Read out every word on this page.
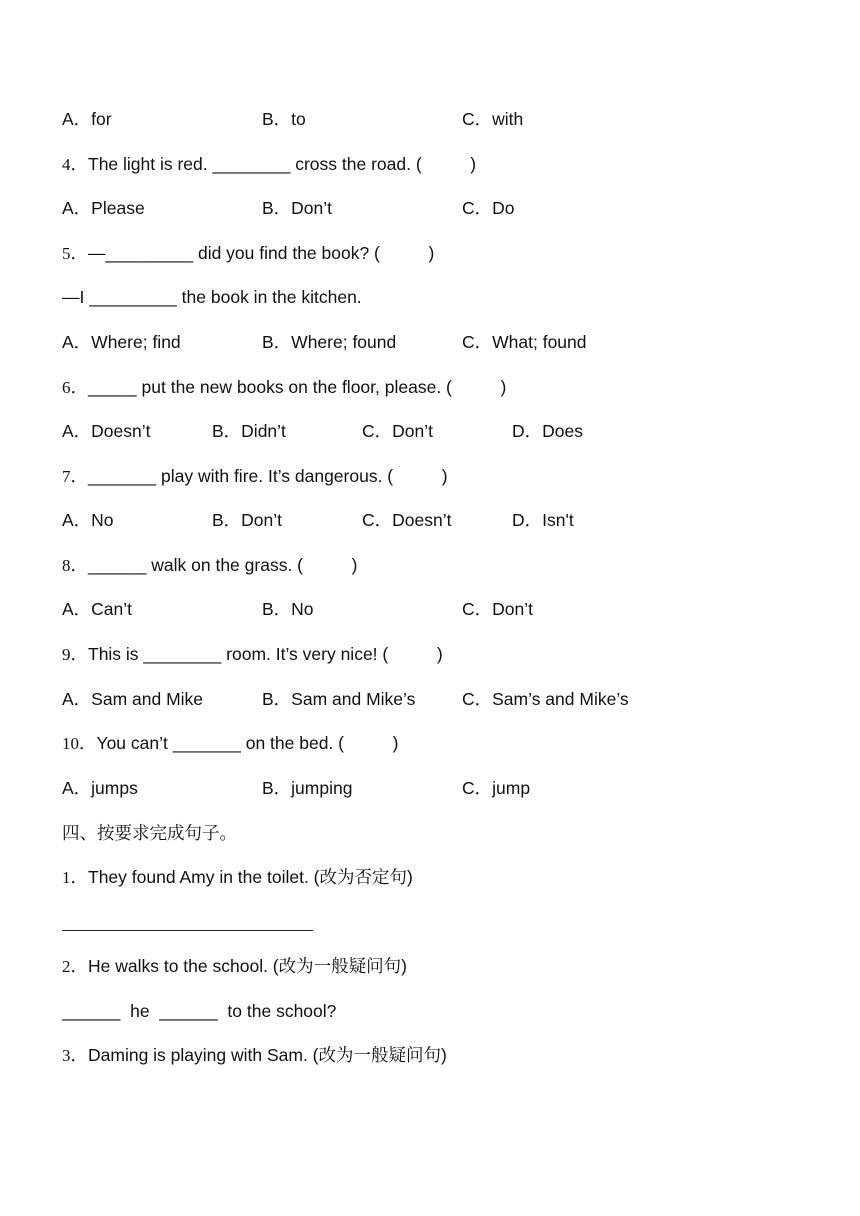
A．for	B．to	C．with
4．The light is red. ________ cross the road. (          )
A．Please	B．Don’t	C．Do
5．—_________ did you find the book? (          )
—I _________ the book in the kitchen.
A．Where; find	B．Where; found	C．What; found
6．_____ put the new books on the floor, please. (          )
A．Doesn’t	B．Didn’t	C．Don’t	D．Does
7．_______ play with fire. It’s dangerous. (          )
A．No	B．Don’t	C．Doesn’t	D．Isn't
8．______ walk on the grass. (          )
A．Can’t	B．No	C．Don’t
9．This is ________ room. It’s very nice! (          )
A．Sam and Mike	B．Sam and Mike’s	C．Sam’s and Mike’s
10．You can’t _______ on the bed. (          )
A．jumps	B．jumping	C．jump
四、按要求完成句子。
1．They found Amy in the toilet. (改为否定句)
2．He walks to the school. (改为一般疑问句)
______  he  ______  to the school?
3．Daming is playing with Sam. (改为一般疑问句)
